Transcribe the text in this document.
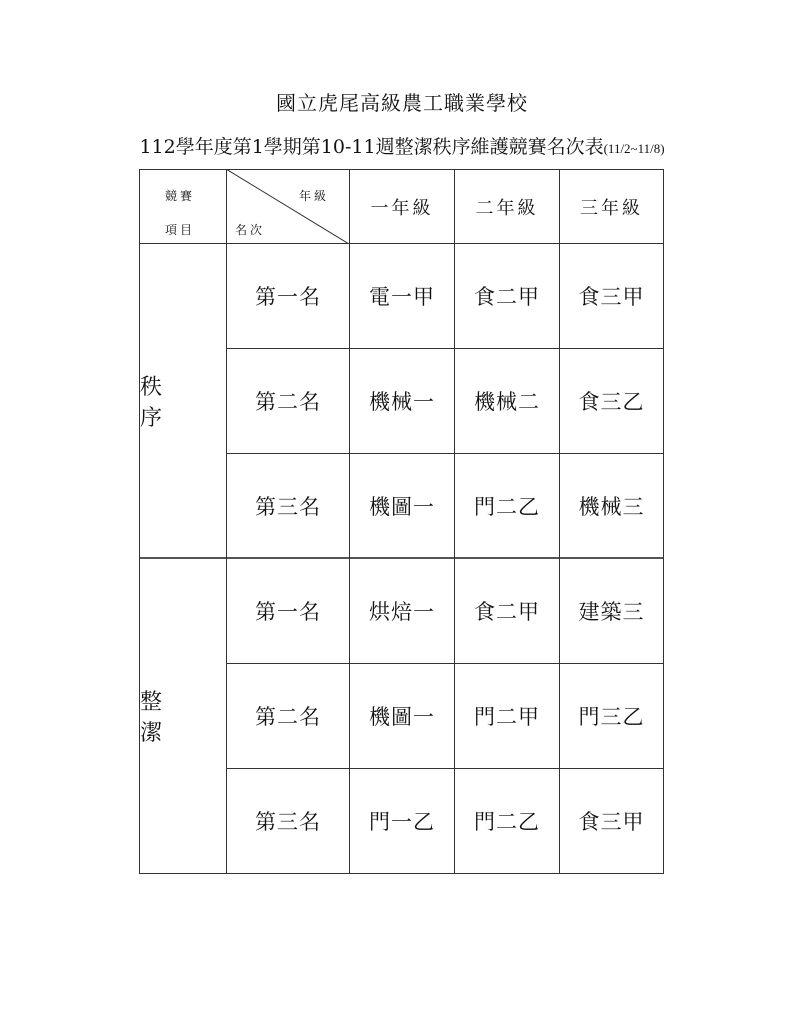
國立虎尾高級農工職業學校
112學年度第1學期第10-11週整潔秩序維護競賽名次表(11/2~11/8)
競賽
項目
年級
名次
一年級	二年級	三年級
秩 序
第一名	電一甲	食二甲	食三甲
第二名	機械一	機械二	食三乙
第三名	機圖一	門二乙	機械三
整 潔
第一名	烘焙一	食二甲	建築三
第二名	機圖一	門二甲	門三乙
第三名	門一乙	門二乙	食三甲
